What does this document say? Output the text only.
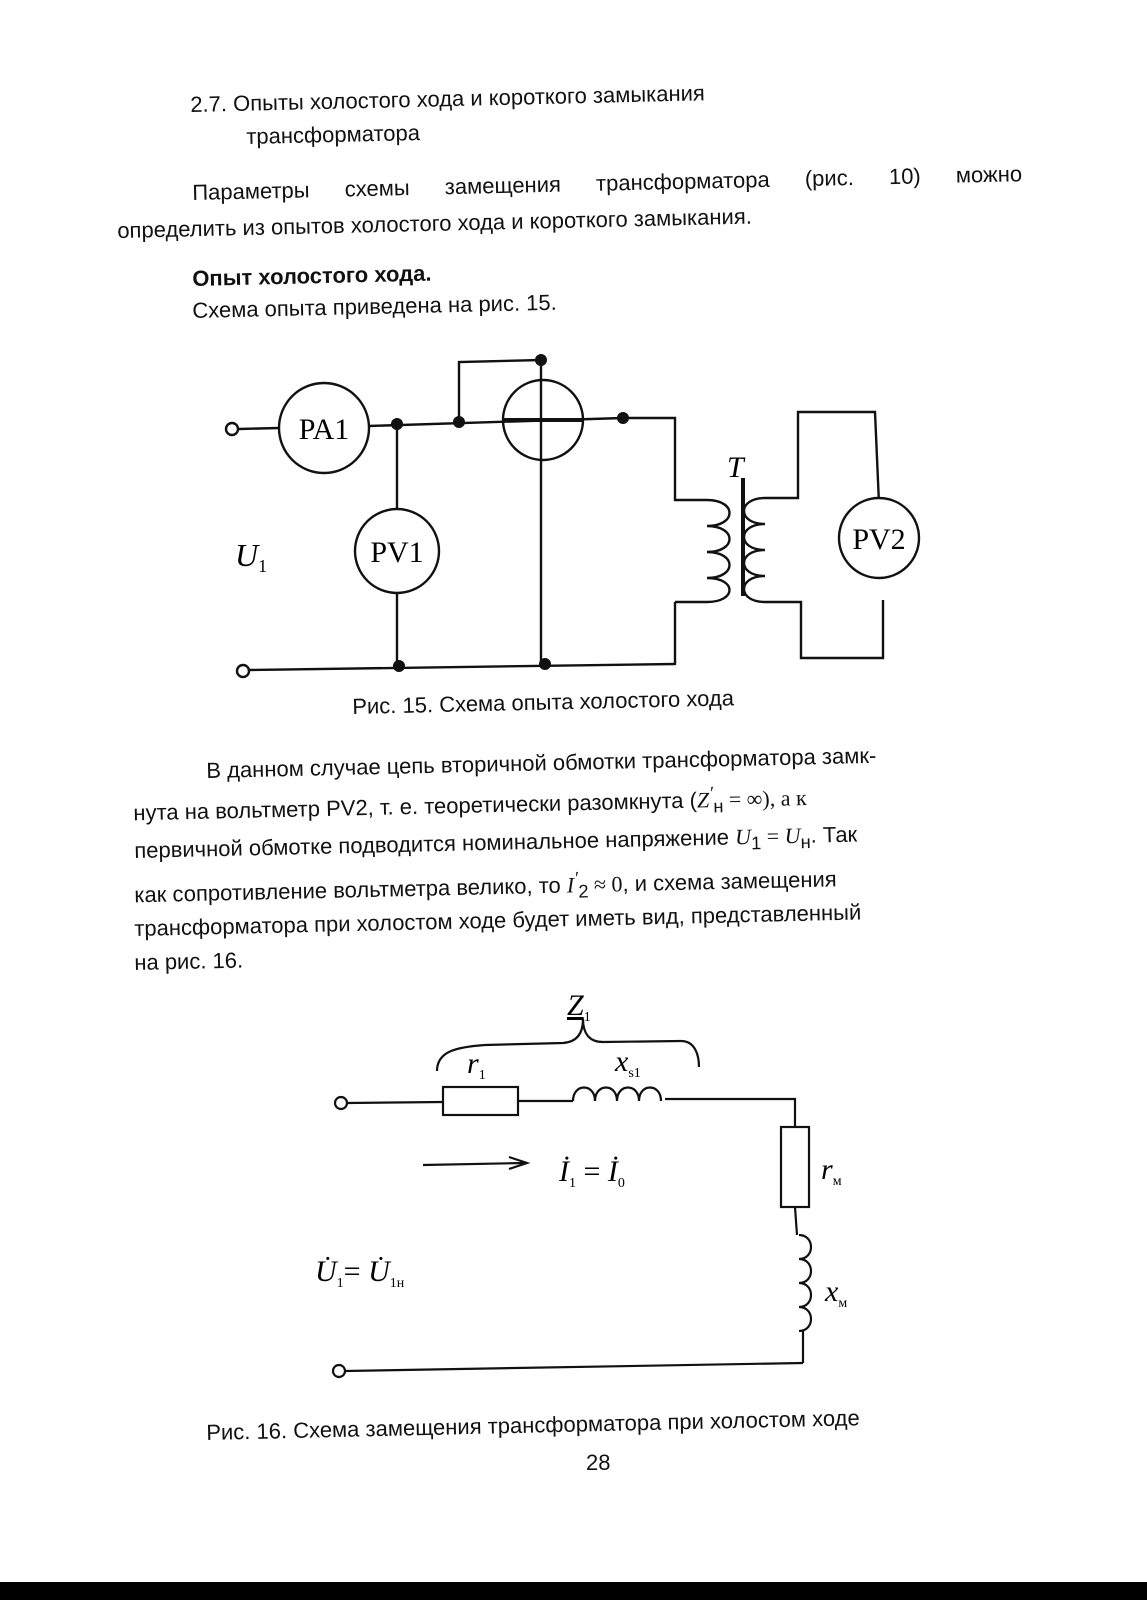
2.7. Опыты холостого хода и короткого замыкания

трансформатора

Параметры схемы замещения трансформатора (рис. 10) можно

определить из опытов холостого хода и короткого замыкания.

Опыт холостого хода.

Схема опыта приведена на рис. 15.

PA1
PV1	PV2
T
U1

Рис. 15. Схема опыта холостого хода

В данном случае цепь вторичной обмотки трансформатора замк-

нута на вольтметр PV2, т. е. теоретически разомкнута ($Z'_н$ = ∞), а к

первичной обмотке подводится номинальное напряжение $U_1 = U_н$. Так

как сопротивление вольтметра велико, то $I'_2 \approx 0$, и схема замещения

трансформатора при холостом ходе будет иметь вид, представленный

на рис. 16.

$Z_1$
$r_1$	$x_{s1}$
$r_м$
$x_м$
$İ_1$ = $İ_0$
$U̇_1=$ $U̇_{1н}$

Рис. 16. Схема замещения трансформатора при холостом ходе

28
